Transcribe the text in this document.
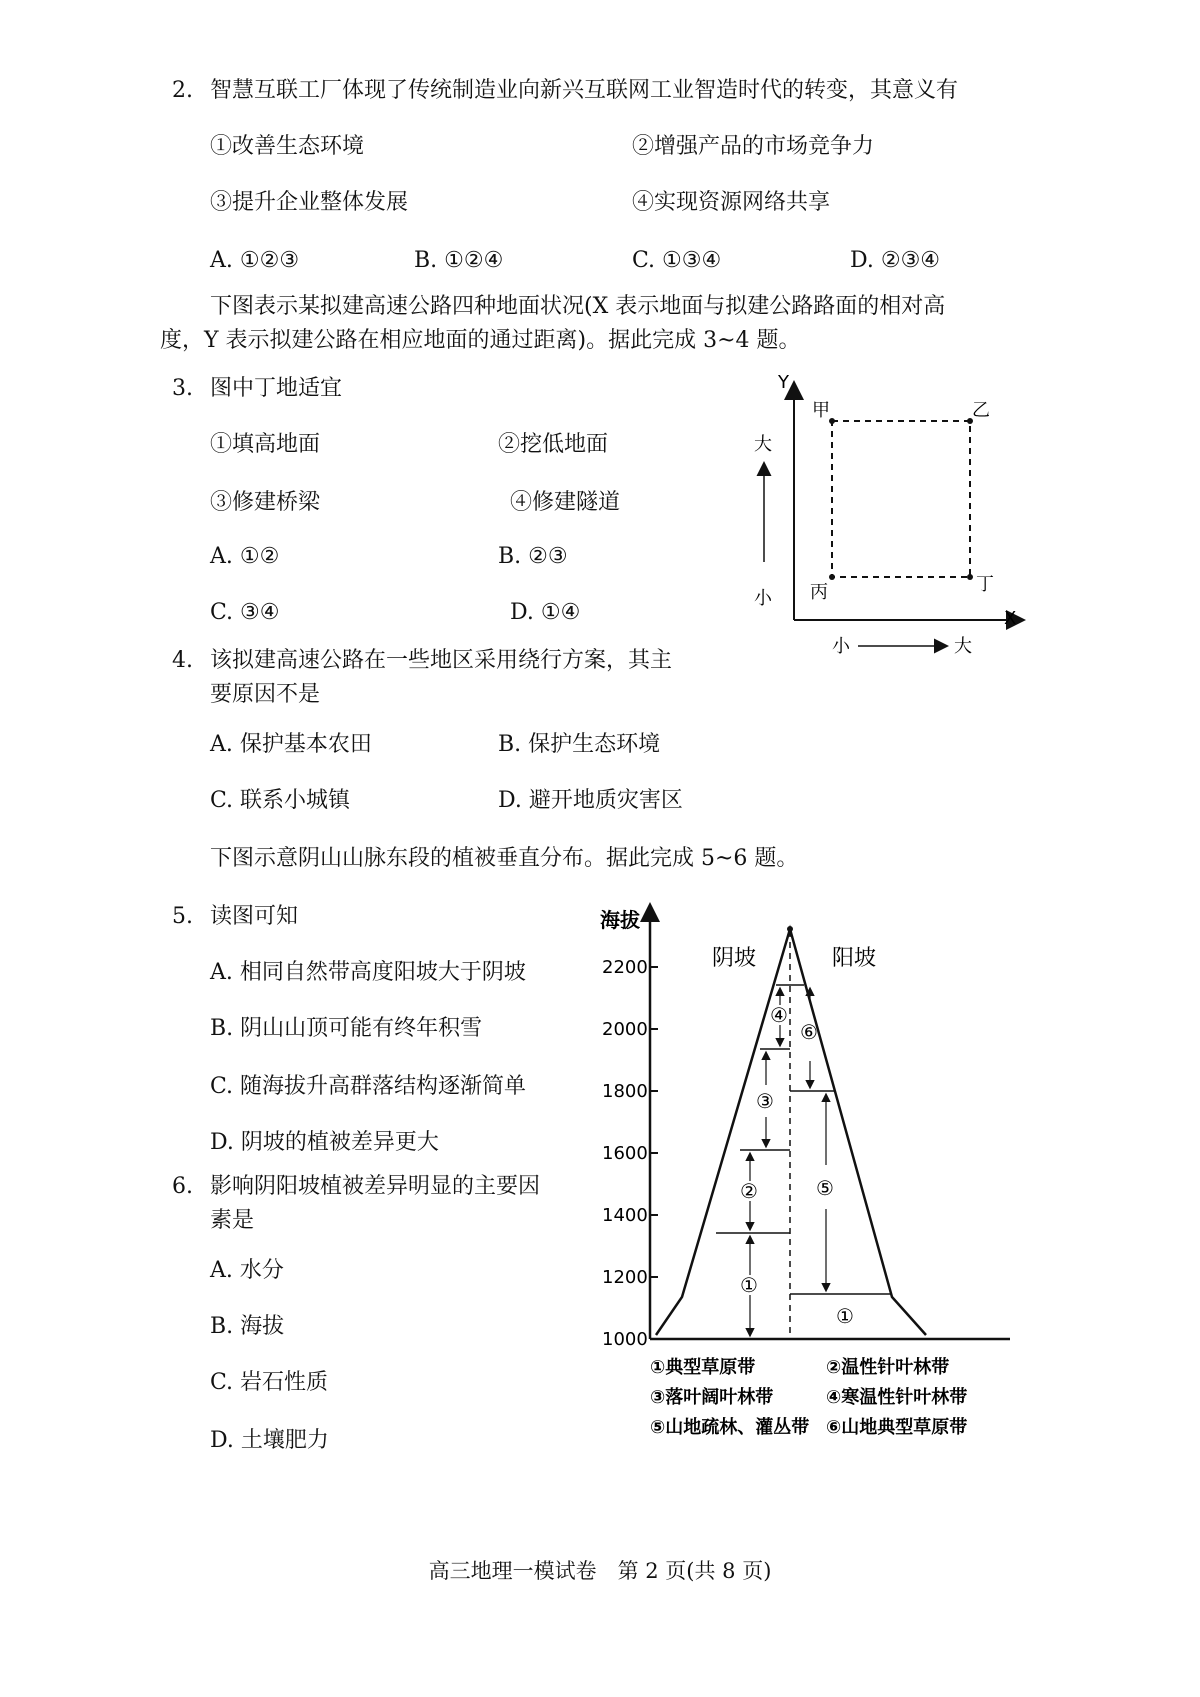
2. 智慧互联工厂体现了传统制造业向新兴互联网工业智造时代的转变，其意义有
①改善生态环境	②增强产品的市场竞争力
③提升企业整体发展	④实现资源网络共享
A. ①②③	B. ①②④	C. ①③④	D. ②③④
下图表示某拟建高速公路四种地面状况(X 表示地面与拟建公路路面的相对高
度，Y 表示拟建公路在相应地面的通过距离)。据此完成 3~4 题。
3. 图中丁地适宜
①填高地面	②挖低地面
③修建桥梁	④修建隧道
A. ①②	B. ②③
C. ③④	D. ①④
4. 该拟建高速公路在一些地区采用绕行方案，其主
要原因不是
A. 保护基本农田	B. 保护生态环境
C. 联系小城镇	D. 避开地质灾害区
Y
X
甲	乙
丙	丁
大
小
小	大
下图示意阴山山脉东段的植被垂直分布。据此完成 5~6 题。
5. 读图可知
A. 相同自然带高度阳坡大于阴坡
B. 阴山山顶可能有终年积雪
C. 随海拔升高群落结构逐渐简单
D. 阴坡的植被差异更大
6. 影响阴阳坡植被差异明显的主要因
素是
A. 水分
B. 海拔
C. 岩石性质
D. 土壤肥力
海拔
阴坡	阳坡
2200
2000
1800
1600
1400
1200
1000
①
②
③
④
①
⑤
⑥
①典型草原带	②温性针叶林带
③落叶阔叶林带	④寒温性针叶林带
⑤山地疏林、灌丛带 ⑥山地典型草原带
高三地理一模试卷　第 2 页(共 8 页)
